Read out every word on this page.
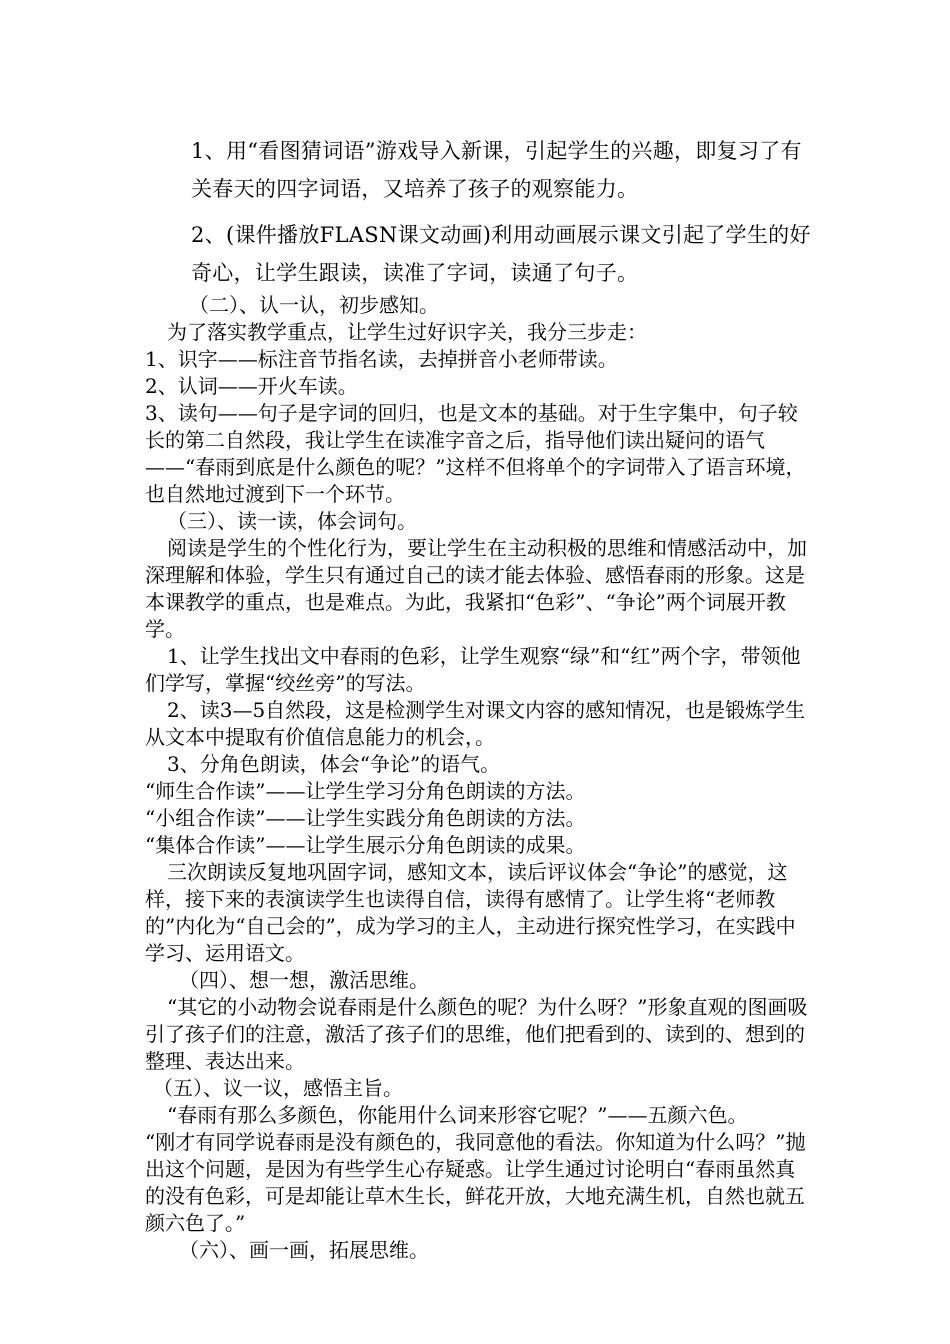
1、用“看图猜词语”游戏导入新课，引起学生的兴趣，即复习了有关春天的四字词语，又培养了孩子的观察能力。

2、(课件播放FLASN课文动画)利用动画展示课文引起了学生的好奇心，让学生跟读，读准了字词，读通了句子。

（二）、认一认，初步感知。

为了落实教学重点，让学生过好识字关，我分三步走：

1、识字——标注音节指名读，去掉拼音小老师带读。

2、认词——开火车读。

3、读句——句子是字词的回归，也是文本的基础。对于生字集中，句子较长的第二自然段，我让学生在读准字音之后，指导他们读出疑问的语气——“春雨到底是什么颜色的呢？”这样不但将单个的字词带入了语言环境，也自然地过渡到下一个环节。

（三）、读一读，体会词句。

阅读是学生的个性化行为，要让学生在主动积极的思维和情感活动中，加深理解和体验，学生只有通过自己的读才能去体验、感悟春雨的形象。这是本课教学的重点，也是难点。为此，我紧扣“色彩”、“争论”两个词展开教学。

1、让学生找出文中春雨的色彩，让学生观察“绿”和“红”两个字，带领他们学写，掌握“绞丝旁”的写法。

2、读3—5自然段，这是检测学生对课文内容的感知情况，也是锻炼学生从文本中提取有价值信息能力的机会，。

3、分角色朗读，体会“争论”的语气。

“师生合作读”——让学生学习分角色朗读的方法。

“小组合作读”——让学生实践分角色朗读的方法。

“集体合作读”——让学生展示分角色朗读的成果。

三次朗读反复地巩固字词，感知文本，读后评议体会“争论”的感觉，这样，接下来的表演读学生也读得自信，读得有感情了。让学生将“老师教的”内化为“自己会的”，成为学习的主人，主动进行探究性学习，在实践中学习、运用语文。

（四）、想一想，激活思维。

“其它的小动物会说春雨是什么颜色的呢？为什么呀？”形象直观的图画吸引了孩子们的注意，激活了孩子们的思维，他们把看到的、读到的、想到的整理、表达出来。

（五）、议一议，感悟主旨。

“春雨有那么多颜色，你能用什么词来形容它呢？”——五颜六色。

“刚才有同学说春雨是没有颜色的，我同意他的看法。你知道为什么吗？”抛出这个问题，是因为有些学生心存疑惑。让学生通过讨论明白“春雨虽然真的没有色彩，可是却能让草木生长，鲜花开放，大地充满生机，自然也就五颜六色了。”

（六）、画一画，拓展思维。
